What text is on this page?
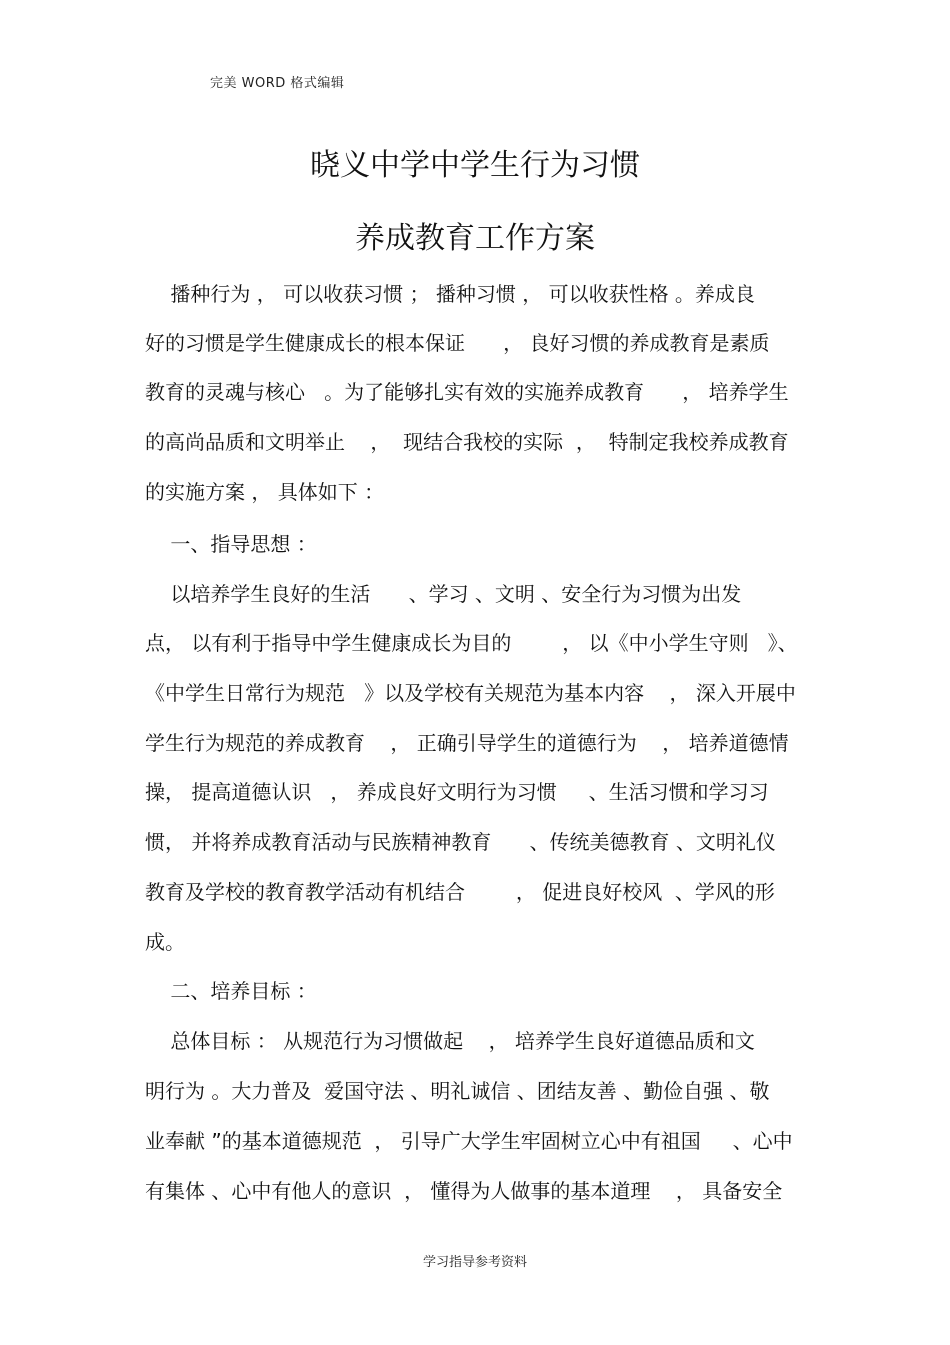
完美 WORD 格式编辑
晓义中学中学生行为习惯
养成教育工作方案
播种行为 ， 可以收获习惯 ； 播种习惯 ， 可以收获性格 。养成良
好的习惯是学生健康成长的根本保证      ， 良好习惯的养成教育是素质
教育的灵魂与核心   。为了能够扎实有效的实施养成教育      ， 培养学生
的高尚品质和文明举止    ，  现结合我校的实际  ，  特制定我校养成教育
的实施方案 ， 具体如下 ：
一、指导思想 ：
以培养学生良好的生活      、学习 、文明 、安全行为习惯为出发
点， 以有利于指导中学生健康成长为目的        ， 以《中小学生守则   》、
《中学生日常行为规范   》以及学校有关规范为基本内容    ， 深入开展中
学生行为规范的养成教育    ， 正确引导学生的道德行为    ， 培养道德情
操， 提高道德认识   ， 养成良好文明行为习惯     、生活习惯和学习习
惯， 并将养成教育活动与民族精神教育      、传统美德教育 、文明礼仪
教育及学校的教育教学活动有机结合        ， 促进良好校风  、学风的形
成。
二、培养目标 ：
总体目标 ： 从规范行为习惯做起    ， 培养学生良好道德品质和文
明行为 。大力普及  爱国守法 、明礼诚信 、团结友善 、勤俭自强 、敬
业奉献 ”的基本道德规范  ， 引导广大学生牢固树立心中有祖国     、心中
有集体 、心中有他人的意识  ， 懂得为人做事的基本道理    ， 具备安全
学习指导参考资料
